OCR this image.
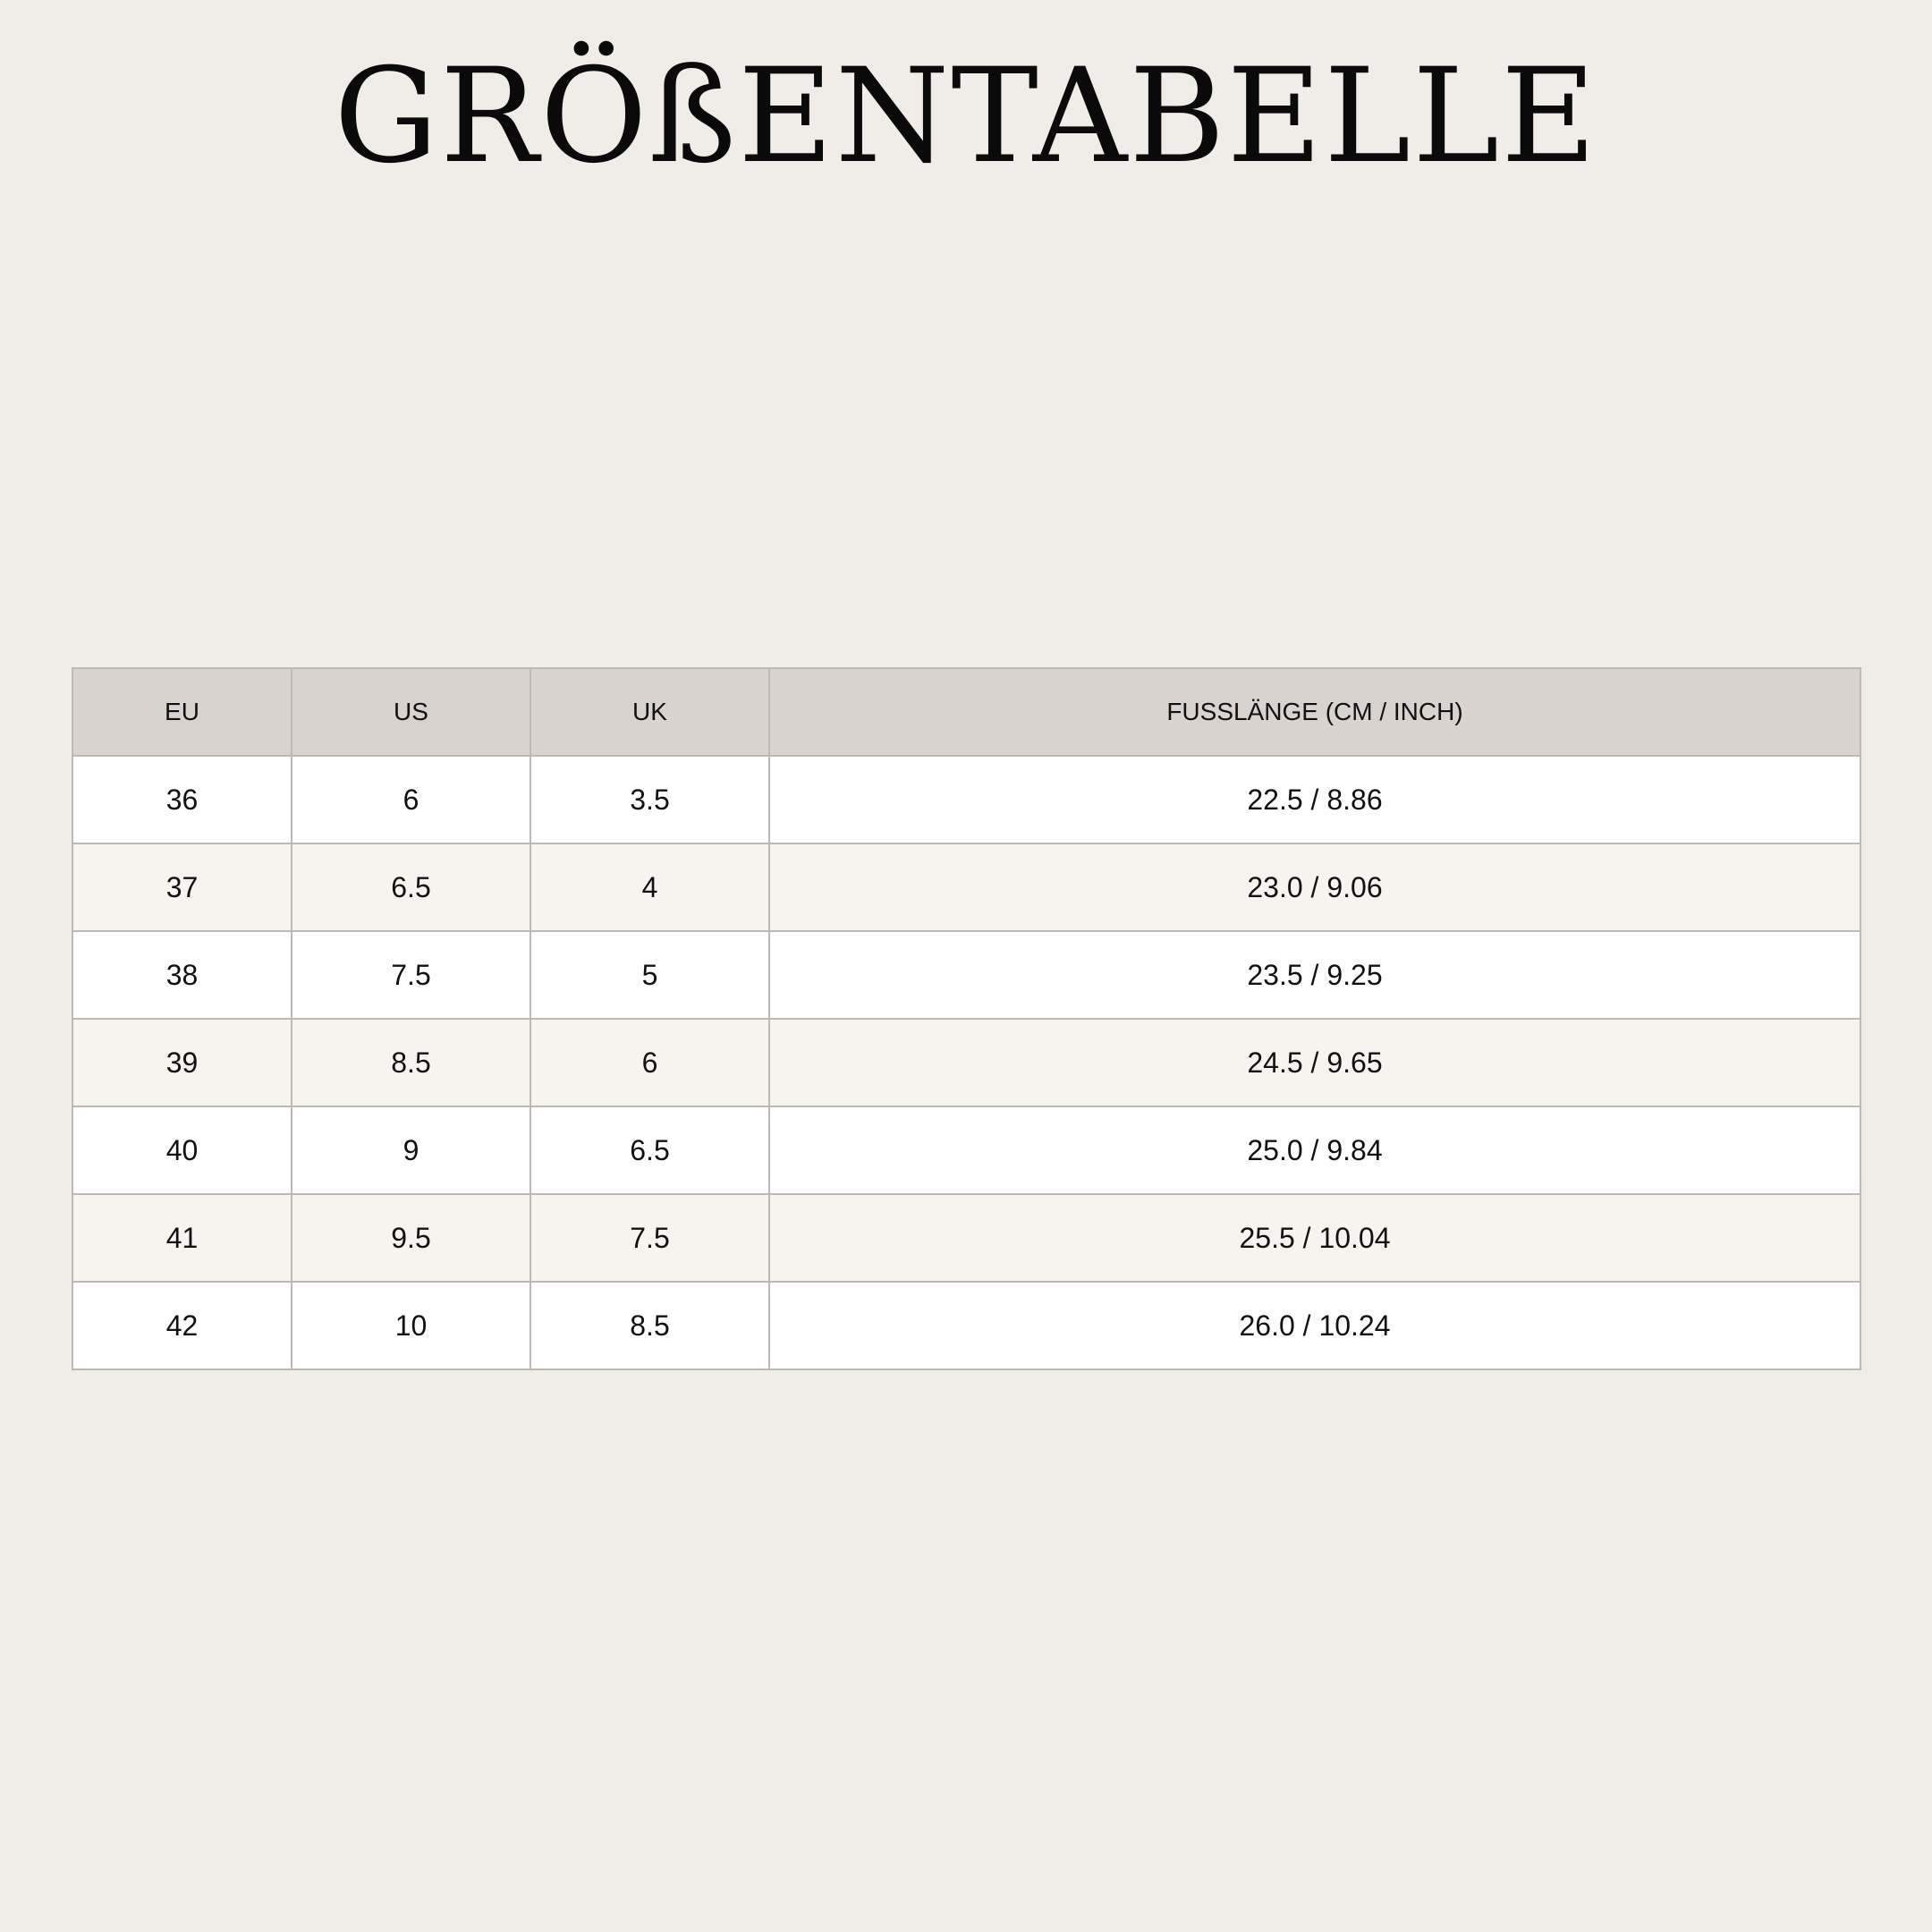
GRÖßENTABELLE
EU	US	UK	FUSSLÄNGE (CM / INCH)
36	6	3.5	22.5 / 8.86
37	6.5	4	23.0 / 9.06
38	7.5	5	23.5 / 9.25
39	8.5	6	24.5 / 9.65
40	9	6.5	25.0 / 9.84
41	9.5	7.5	25.5 / 10.04
42	10	8.5	26.0 / 10.24
